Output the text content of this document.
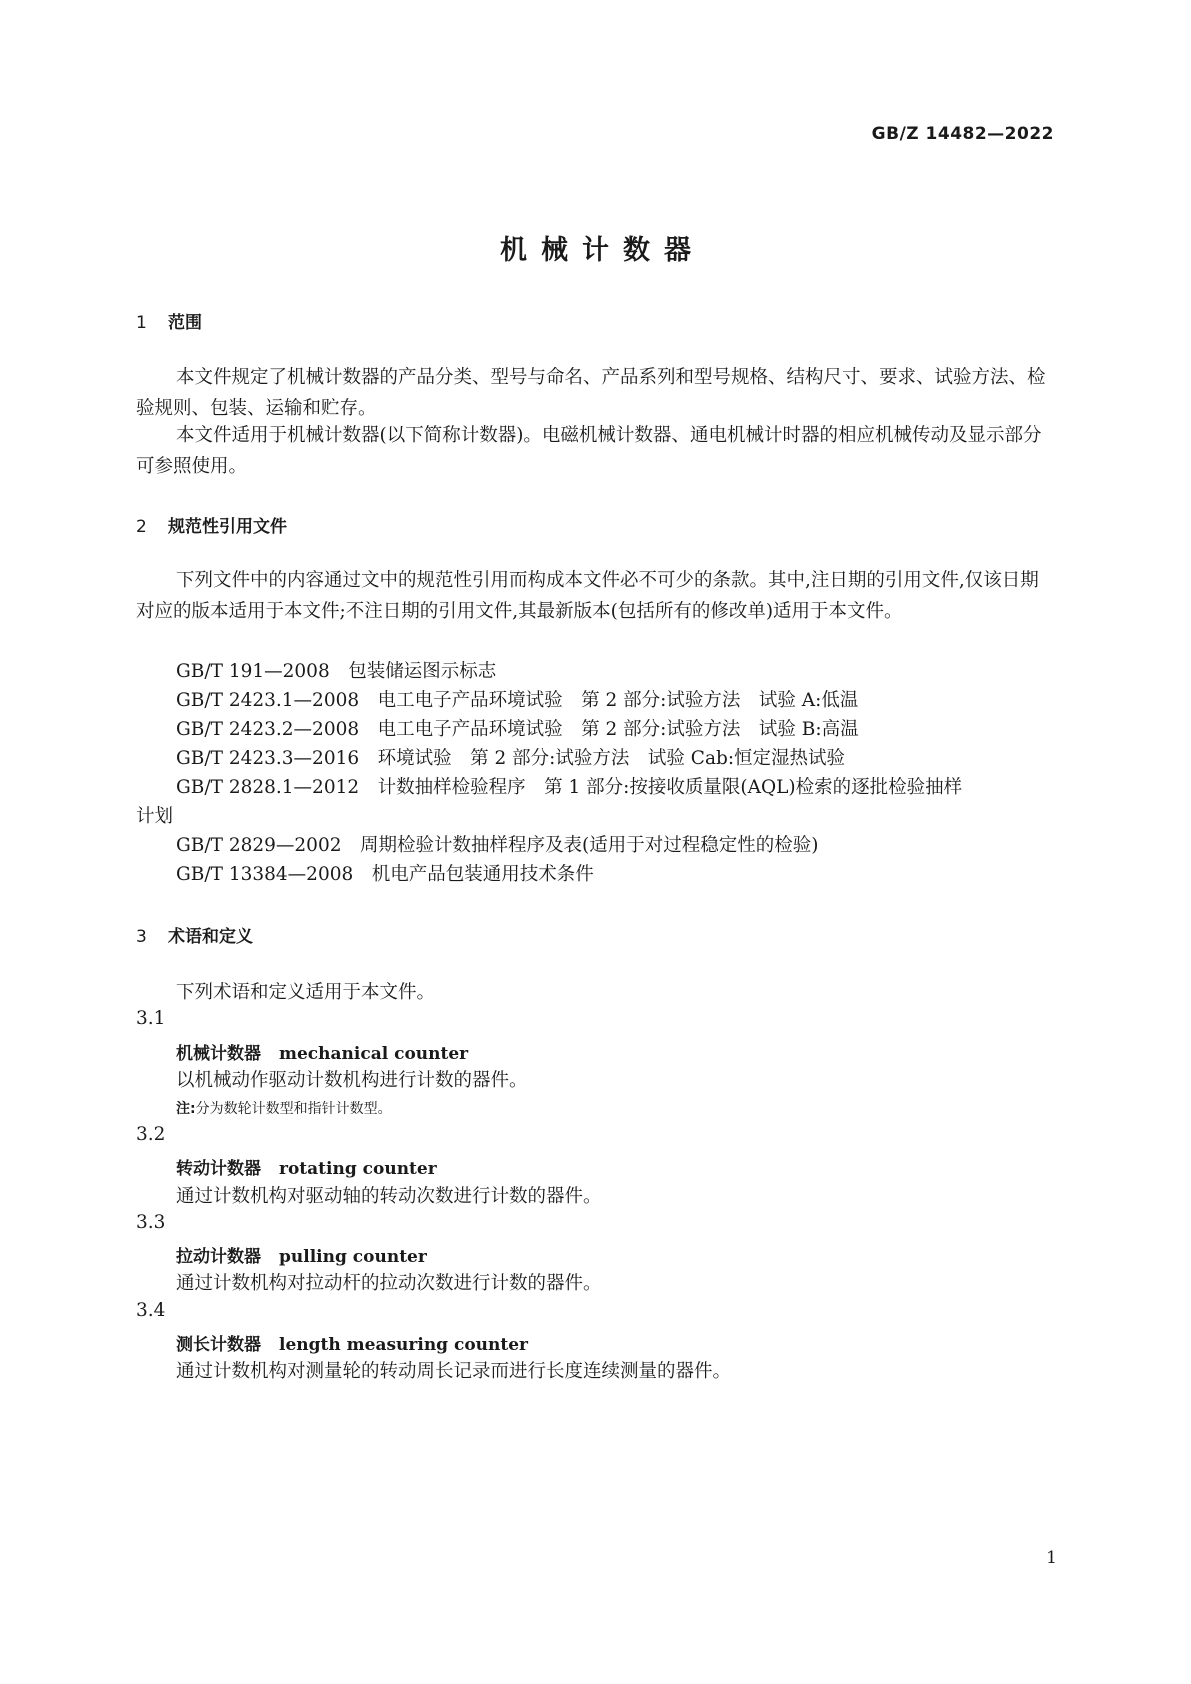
GB/Z 14482—2022
机械计数器
1 范围
本文件规定了机械计数器的产品分类、型号与命名、产品系列和型号规格、结构尺寸、要求、试验方法、检验规则、包装、运输和贮存。
本文件适用于机械计数器(以下简称计数器)。电磁机械计数器、通电机械计时器的相应机械传动及显示部分可参照使用。
2 规范性引用文件
下列文件中的内容通过文中的规范性引用而构成本文件必不可少的条款。其中,注日期的引用文件,仅该日期对应的版本适用于本文件;不注日期的引用文件,其最新版本(包括所有的修改单)适用于本文件。
GB/T 191—2008　包装储运图示标志
GB/T 2423.1—2008　电工电子产品环境试验　第 2 部分:试验方法　试验 A:低温
GB/T 2423.2—2008　电工电子产品环境试验　第 2 部分:试验方法　试验 B:高温
GB/T 2423.3—2016　环境试验　第 2 部分:试验方法　试验 Cab:恒定湿热试验
GB/T 2828.1—2012　计数抽样检验程序　第 1 部分:按接收质量限(AQL)检索的逐批检验抽样
计划
GB/T 2829—2002　周期检验计数抽样程序及表(适用于对过程稳定性的检验)
GB/T 13384—2008　机电产品包装通用技术条件
3 术语和定义
下列术语和定义适用于本文件。
3.1
机械计数器 mechanical counter
以机械动作驱动计数机构进行计数的器件。
注:分为数轮计数型和指针计数型。
3.2
转动计数器 rotating counter
通过计数机构对驱动轴的转动次数进行计数的器件。
3.3
拉动计数器 pulling counter
通过计数机构对拉动杆的拉动次数进行计数的器件。
3.4
测长计数器 length measuring counter
通过计数机构对测量轮的转动周长记录而进行长度连续测量的器件。
1
